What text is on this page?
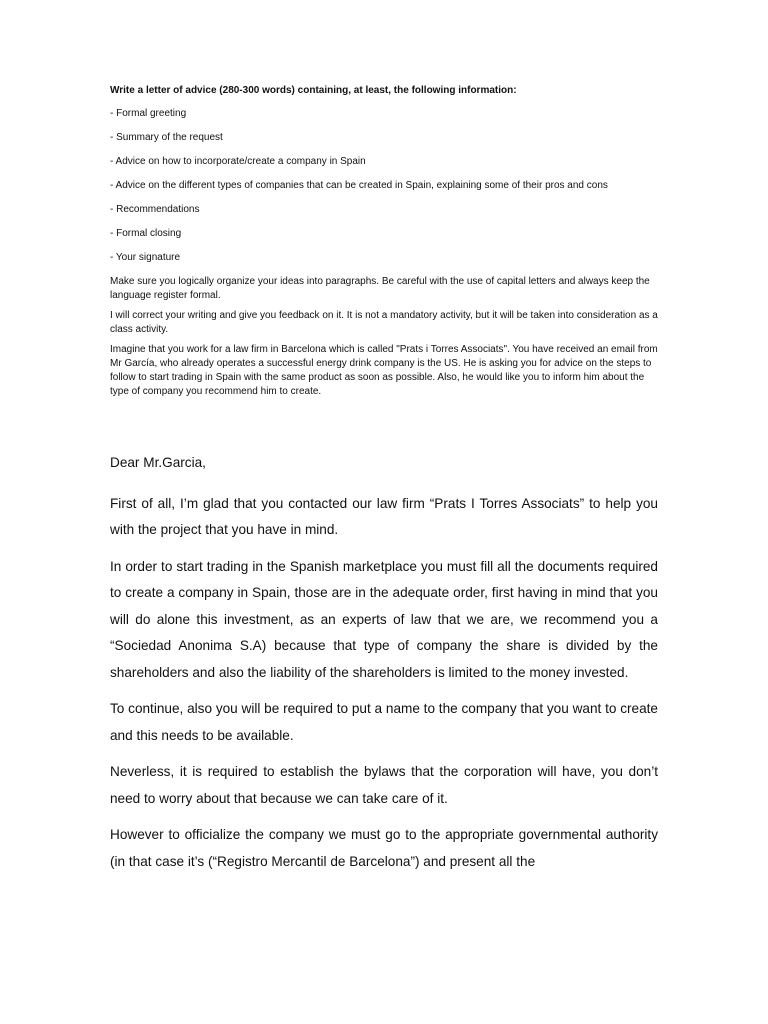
Write a letter of advice (280-300 words) containing, at least, the following information:
- Formal greeting
- Summary of the request
- Advice on how to incorporate/create a company in Spain
- Advice on the different types of companies that can be created in Spain, explaining some of their pros and cons
- Recommendations
- Formal closing
- Your signature
Make sure you logically organize your ideas into paragraphs. Be careful with the use of capital letters and always keep the language register formal.
I will correct your writing and give you feedback on it. It is not a mandatory activity, but it will be taken into consideration as a class activity.
Imagine that you work for a law firm in Barcelona which is called "Prats i Torres Associats". You have received an email from Mr García, who already operates a successful energy drink company is the US. He is asking you for advice on the steps to follow to start trading in Spain with the same product as soon as possible. Also, he would like you to inform him about the type of company you recommend him to create.

Dear Mr.Garcia,

First of all, I’m glad that you contacted our law firm “Prats I Torres Associats” to help you with the project that you have in mind.

In order to start trading in the Spanish marketplace you must fill all the documents required to create a company in Spain, those are in the adequate order, first having in mind that you will do alone this investment, as an experts of law that we are, we recommend you a “Sociedad Anonima S.A) because that type of company the share is divided by the shareholders and also the liability of the shareholders is limited to the money invested.

To continue, also you will be required to put a name to the company that you want to create and this needs to be available.

Neverless, it is required to establish the bylaws that the corporation will have, you don’t need to worry about that because we can take care of it.

However to officialize the company we must go to the appropriate governmental authority (in that case it’s (“Registro Mercantil de Barcelona”) and present all the
